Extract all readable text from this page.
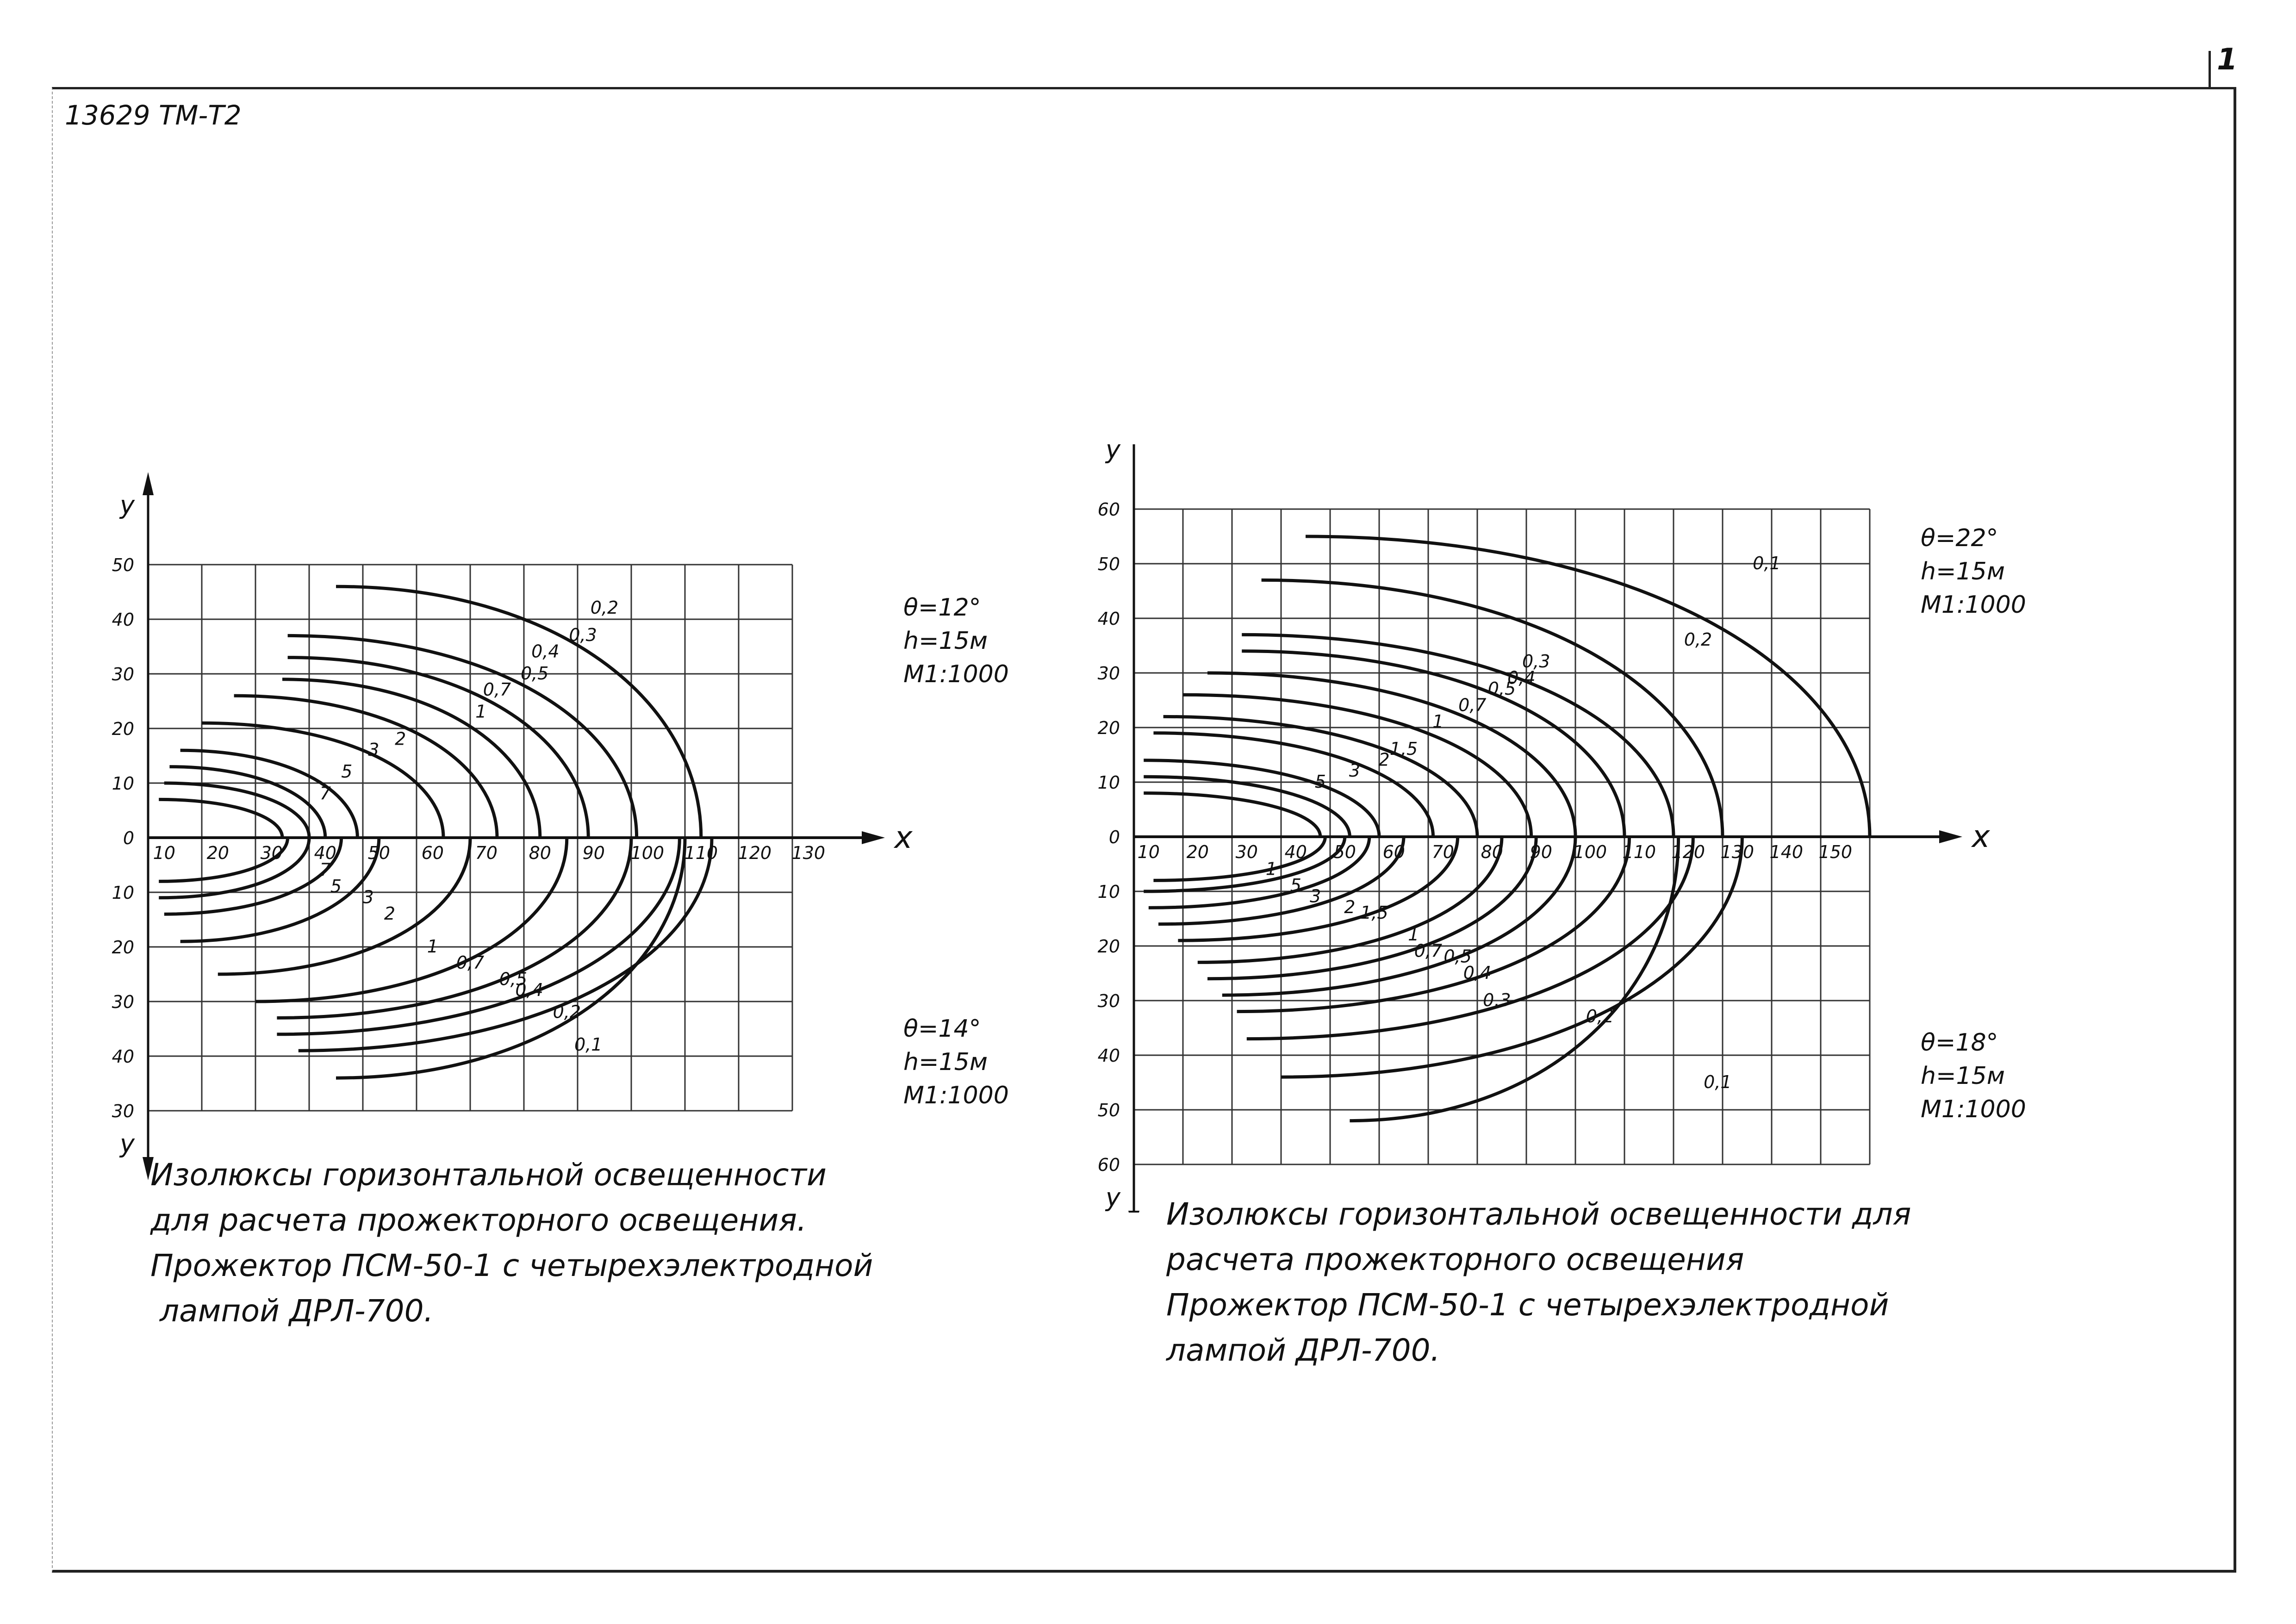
13629 ТМ-Т2
1
x
y
y
10 20 30 40 50 60 70 80 90 100 110 120 130
50
40
30
20
10
0
10
20
30
40
30
0,2
0,3
0,4
0,5
0,7
1
2
3
5
7
7
5
3
2
1
0,7
0,5
0,4
0,2
0,1
θ=12°
h=15м
М1:1000
θ=14°
h=15м
М1:1000
x
y
y
10 20 30 40 50 60 70 80 90 100 110 120 130 140 150
60
50
40
30
20
10
0
10
20
30
40
50
60
0,1
0,2
0,3
0,4
0,5
0,7
1
1,5
2
3
5
1
5
3
2 1,5
1
0,7 0,5
0,4
0,3
0,2
0,1
θ=22°
h=15м
М1:1000
θ=18°
h=15м
М1:1000
Изолюксы горизонтальной освещенности
для расчета прожекторного освещения.
Прожектор ПСМ-50-1 с четырехэлектродной
лампой ДРЛ-700.
Изолюксы горизонтальной освещенности для
расчета прожекторного освещения
Прожектор ПСМ-50-1 с четырехэлектродной
лампой ДРЛ-700.
